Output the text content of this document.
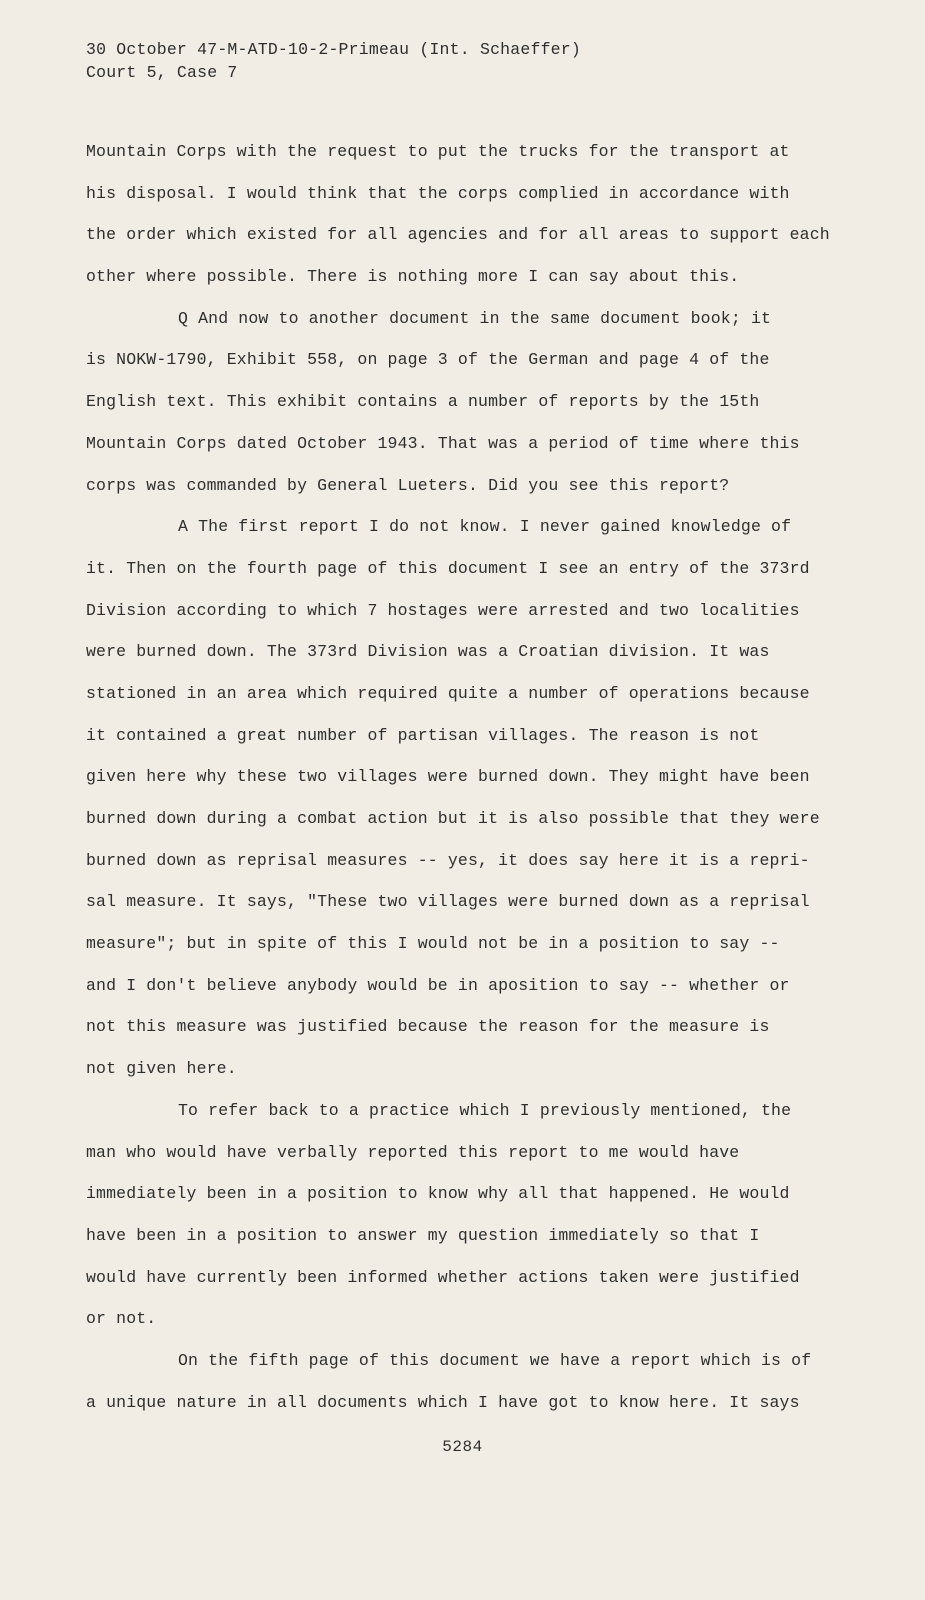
30 October 47-M-ATD-10-2-Primeau (Int. Schaeffer)
Court 5, Case 7
Mountain Corps with the request to put the trucks for the transport at
his disposal. I would think that the corps complied in accordance with
the order which existed for all agencies and for all areas to support each
other where possible. There is nothing more I can say about this.
Q And now to another document in the same document book; it
is NOKW-1790, Exhibit 558, on page 3 of the German and page 4 of the
English text. This exhibit contains a number of reports by the 15th
Mountain Corps dated October 1943. That was a period of time where this
corps was commanded by General Lueters. Did you see this report?
A The first report I do not know. I never gained knowledge of
it. Then on the fourth page of this document I see an entry of the 373rd
Division according to which 7 hostages were arrested and two localities
were burned down. The 373rd Division was a Croatian division. It was
stationed in an area which required quite a number of operations because
it contained a great number of partisan villages. The reason is not
given here why these two villages were burned down. They might have been
burned down during a combat action but it is also possible that they were
burned down as reprisal measures -- yes, it does say here it is a repri-
sal measure. It says, "These two villages were burned down as a reprisal
measure"; but in spite of this I would not be in a position to say --
and I don't believe anybody would be in aposition to say -- whether or
not this measure was justified because the reason for the measure is
not given here.
To refer back to a practice which I previously mentioned, the
man who would have verbally reported this report to me would have
immediately been in a position to know why all that happened. He would
have been in a position to answer my question immediately so that I
would have currently been informed whether actions taken were justified
or not.
On the fifth page of this document we have a report which is of
a unique nature in all documents which I have got to know here. It says
5284
